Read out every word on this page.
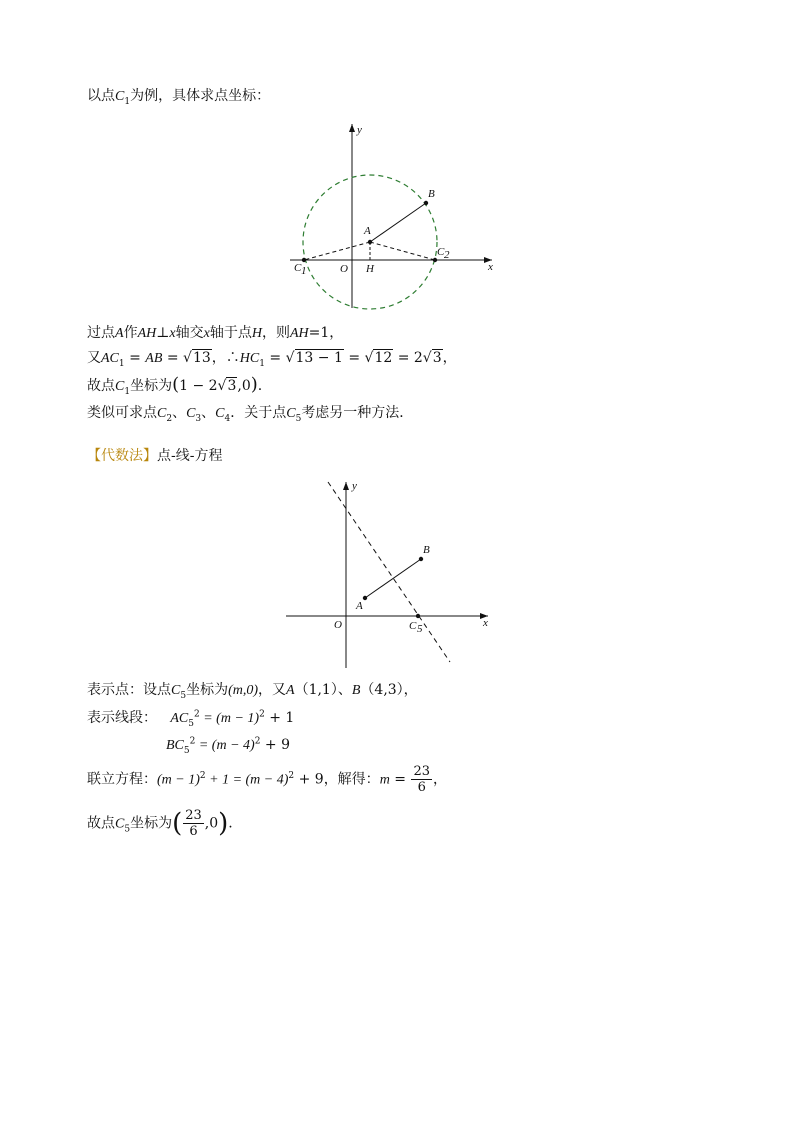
以点$C_1$为例，具体求点坐标：
y
x
B
A
C 2
C 1	O H
过点A作AH⊥x轴交x轴于点H，则AH=1，
又$AC_1$ = AB = √13，$\therefore HC_1 = √13 - 1 = √12 = 2√3$，
故点$C_1$坐标为(1 − 2√3,0).
类似可求点$C_2$、$C_3$、$C_4$．关于点$C_5$考虑另一种方法．
【代数法】点-线-方程
y
x
B
A
O	C 5
表示点：设点$C_5$坐标为(m,0)，又A（1,1）、B（4,3），
表示线段： $AC_5^2 = (m - 1)^2 + 1$
$BC_5^2 = (m - 4)^2 + 9$
联立方程：$(m - 1)^2 + 1 = (m - 4)^2 + 9$，解得：$m = \frac{23}{6}$ ，
故点$C_5$坐标为( $\frac{23}{6} ,0$).
